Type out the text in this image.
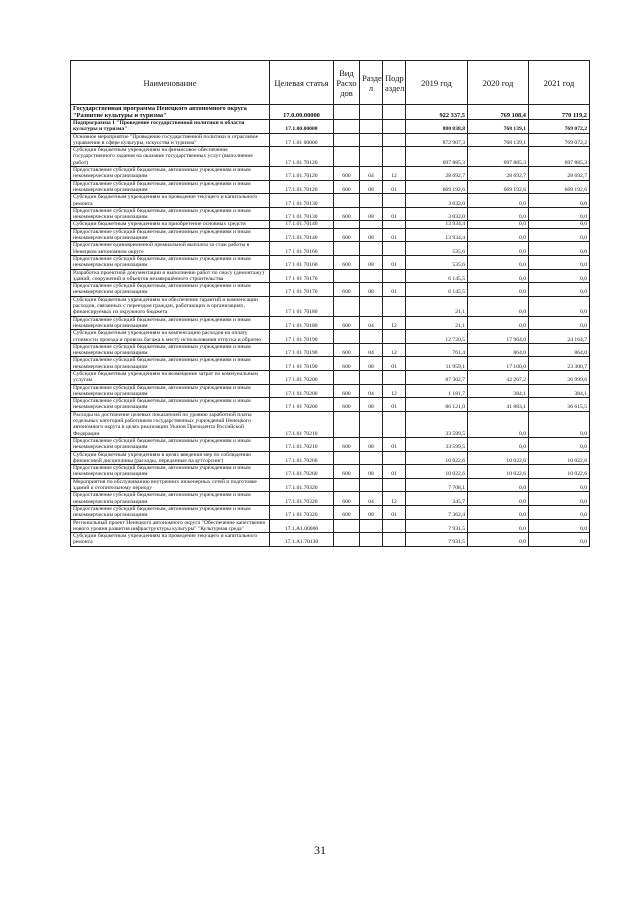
Наименование	Целевая статья	Вид Расхо дов	Разде л	Подр аздел	2019 год	2020 год	2021 год
Государственная программа Ненецкого автономного округа "Развитие культуры и туризма"	17.0.00.00000				922 337,5	769 108,4	770 119,2
Подпрограмма 1 "Проведение государственной политики в области культуры и туризма"	17.1.00.00000				880 838,8	768 139,1	769 072,2
Основное мероприятие "Проведение государственной политики и отраслевое управление в сфере культуры, искусства и туризма"	17 1.01 00000				872 907,3	768 139,1	769 072,2
Субсидии бюджетным учреждениям на финансовое обеспечение государственного задания на оказание государственных услуг (выполнение работ)	17 1.01 70120				697 885,3	697 885,3	697 885,3
Предоставление субсидий бюджетным, автономным учреждениям и иным некоммерческим организациям	17.1.01.70120	600	04	12	28 692,7	28 692,7	28 692,7
Предоставление субсидий бюджетным, автономным учреждениям и иным некоммерческим организациям	17.1.01.70120	600	08	01	669 192,6	669 192,6	669 192,6
Субсидии бюджетным учреждениям на проведение текущего и капитального ремонта	17 1 01 70130				3 032,0	0,0	0,0
Предоставление субсидий бюджетным, автономным учреждениям и иным некоммерческим организациям	17 1 01 70130	600	08	01	3 032,0	0,0	0,0
Субсидии бюджетным учреждениям на приобретение основных средств	17.1.01.70140				13 934,4	0,0	0,0
Предоставление субсидий бюджетным, автономным учреждениям и иным некоммерческим организациям	17.1.01.70140	600	08	01	13 934,4	0,0	0,0
Предоставление единовременной премиальной выплаты за стаж работы в Ненецком автономном округе	17 1 01 70160				535,6	0,0	0,0
Предоставление субсидий бюджетным, автономным учреждениям и иным некоммерческим организациям	17 1 01 70160	600	08	01	535,6	0,0	0,0
Разработка проектной документации и выполнение работ по сносу (демонтажу) зданий, сооружений и объектов незавершённого строительства	17 1 01 70170				6 145,5	0,0	0,0
Предоставление субсидий бюджетным, автономным учреждениям и иным некоммерческим организациям	17 1 01 70170	600	08	01	6 145,5	0,0	0,0
Субсидии бюджетным учреждениям на обеспечение гарантий и компенсации расходов, связанных с переездом граждан, работающих в организациях, финансируемых из окружного бюджета	17 1 01 70180				21,1	0,0	0,0
Предоставление субсидий бюджетным, автономным учреждениям и иным некоммерческим организациям	17 1 01 70180	600	04	12	21,1	0,0	0,0
Субсидии бюджетным учреждениям на компенсацию расходов на оплату стоимости проезда и провоза багажа к месту использования отпуска и обратно	17 1 01 70190				12 720,5	17 964,0	24 164,7
Предоставление субсидий бюджетным, автономным учреждениям и иным некоммерческим организациям	17 1 01 70190	600	04	12	761,4	864,0	864,0
Предоставление субсидий бюджетным, автономным учреждениям и иным некоммерческим организациям	17 1 01 70190	600	08	01	11 959,1	17 100,0	23 300,7
Субсидии бюджетным учреждениям на возмещение затрат по коммунальным услугам	17 1.01 70200				87 302,7	42 267,2	36 999,6
Предоставление субсидий бюджетным, автономным учреждениям и иным некоммерческим организациям	17.1 01.70200	600	04	12	1 181,7	384,1	384,1
Предоставление субсидий бюджетным, автономным учреждениям и иным некоммерческим организациям	17 1 01 70200	600	08	01	86 121,0	41 883,1	36 615,5
Расходы на достижение целевых показателей по уровню заработной платы отдельных категорий работников государственных учреждений Ненецкого автономного округа в целях реализации Указов Президента Российской Федерации	17.1.01 70210				33 599,5	0,0	0,0
Предоставление субсидий бюджетным, автономным учреждениям и иным некоммерческим организациям	17.1.01.70210	600	08	01	33 599,5	0,0	0,0
Субсидии бюджетным учреждениям в целях введения мер по соблюдению финансовой дисциплины (расходы, переданные на аутсорсинг)	17.1.01.70260				10 022,6	10 022,6	10 022,6
Предоставление субсидий бюджетным, автономным учреждениям и иным некоммерческим организациям	17.1.01.70260	600	08	01	10 022,6	10 022,6	10 022,6
Мероприятия по обслуживанию внутренних инженерных сетей и подготовке зданий к отопительному периоду	17.1.01.70320				7 708,1	0,0	0,0
Предоставление субсидий бюджетным, автономным учреждениям и иным некоммерческим организациям	17.1.01.70320	600	04	12	345,7	0,0	0,0
Предоставление субсидий бюджетным, автономным учреждениям и иным некоммерческим организациям	17 1 01 70320	600	08	01	7 362,4	0,0	0,0
Региональный проект Ненецкого автономного округа "Обеспечение качественно нового уровня развития инфраструктуры культуры" "Культурная среда"	17.1.A1.00000				7 931,5	0,0	0,0
Субсидии бюджетным учреждениям на проведение текущего и капитального ремонта	17.1.A1.70130				7 931,5	0,0	0,0
31
